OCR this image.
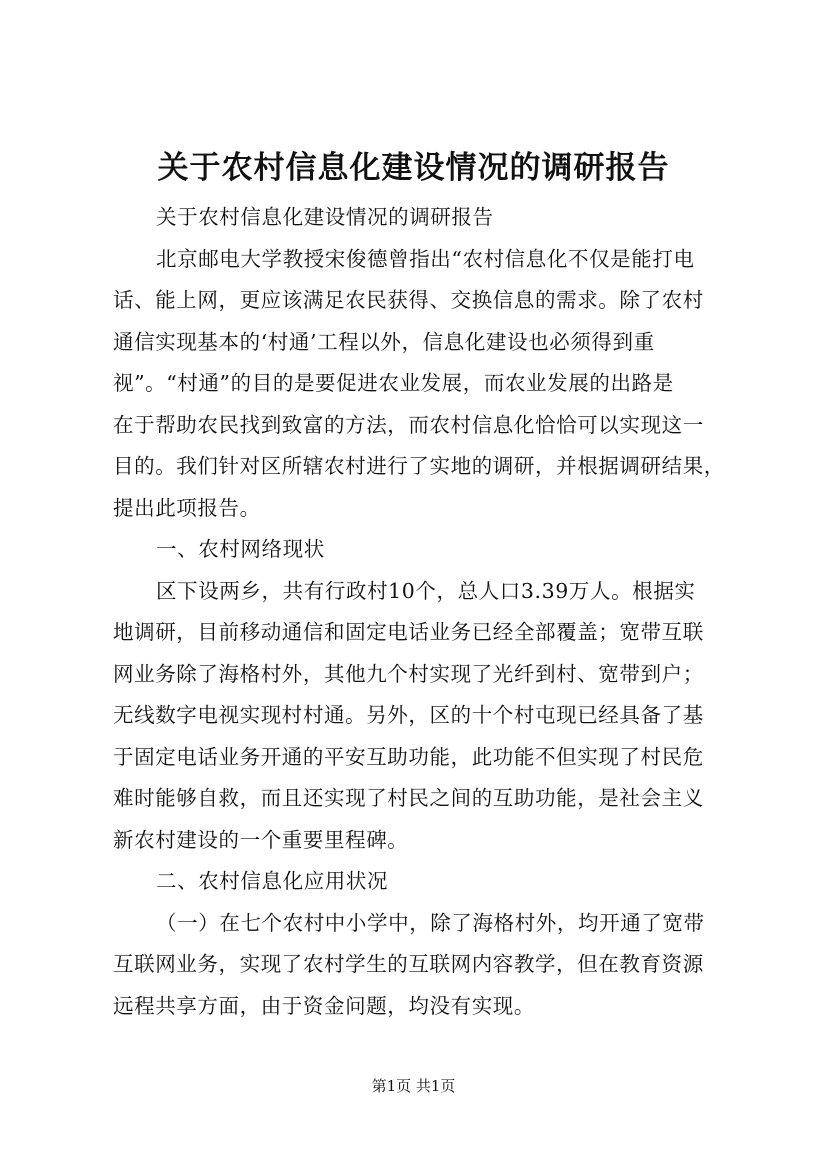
关于农村信息化建设情况的调研报告
关于农村信息化建设情况的调研报告
北京邮电大学教授宋俊德曾指出“农村信息化不仅是能打电
话、能上网，更应该满足农民获得、交换信息的需求。除了农村
通信实现基本的‘村通’工程以外，信息化建设也必须得到重
视”。“村通”的目的是要促进农业发展，而农业发展的出路是
在于帮助农民找到致富的方法，而农村信息化恰恰可以实现这一
目的。我们针对区所辖农村进行了实地的调研，并根据调研结果，
提出此项报告。
一、农村网络现状
区下设两乡，共有行政村10个，总人口3.39万人。根据实
地调研，目前移动通信和固定电话业务已经全部覆盖；宽带互联
网业务除了海格村外，其他九个村实现了光纤到村、宽带到户；
无线数字电视实现村村通。另外，区的十个村屯现已经具备了基
于固定电话业务开通的平安互助功能，此功能不但实现了村民危
难时能够自救，而且还实现了村民之间的互助功能，是社会主义
新农村建设的一个重要里程碑。
二、农村信息化应用状况
（一）在七个农村中小学中，除了海格村外，均开通了宽带
互联网业务，实现了农村学生的互联网内容教学，但在教育资源
远程共享方面，由于资金问题，均没有实现。
第1页 共1页
